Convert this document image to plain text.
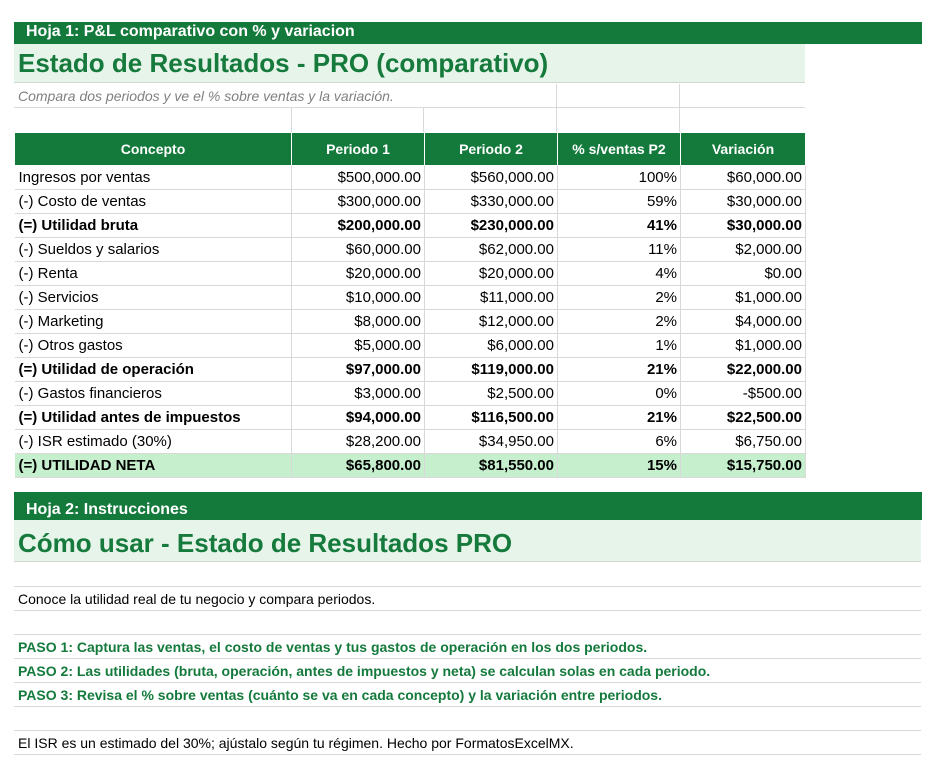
Hoja 1: P&L comparativo con % y variacion
Estado de Resultados - PRO (comparativo)
Compara dos periodos y ve el % sobre ventas y la variación.
Concepto	Periodo 1	Periodo 2	% s/ventas P2	Variación
Ingresos por ventas	$500,000.00	$560,000.00	100%	$60,000.00
(-) Costo de ventas	$300,000.00	$330,000.00	59%	$30,000.00
(=) Utilidad bruta	$200,000.00	$230,000.00	41%	$30,000.00
(-) Sueldos y salarios	$60,000.00	$62,000.00	11%	$2,000.00
(-) Renta	$20,000.00	$20,000.00	4%	$0.00
(-) Servicios	$10,000.00	$11,000.00	2%	$1,000.00
(-) Marketing	$8,000.00	$12,000.00	2%	$4,000.00
(-) Otros gastos	$5,000.00	$6,000.00	1%	$1,000.00
(=) Utilidad de operación	$97,000.00	$119,000.00	21%	$22,000.00
(-) Gastos financieros	$3,000.00	$2,500.00	0%	-$500.00
(=) Utilidad antes de impuestos	$94,000.00	$116,500.00	21%	$22,500.00
(-) ISR estimado (30%)	$28,200.00	$34,950.00	6%	$6,750.00
(=) UTILIDAD NETA	$65,800.00	$81,550.00	15%	$15,750.00
Hoja 2: Instrucciones
Cómo usar - Estado de Resultados PRO
Conoce la utilidad real de tu negocio y compara periodos.
PASO 1: Captura las ventas, el costo de ventas y tus gastos de operación en los dos periodos.
PASO 2: Las utilidades (bruta, operación, antes de impuestos y neta) se calculan solas en cada periodo.
PASO 3: Revisa el % sobre ventas (cuánto se va en cada concepto) y la variación entre periodos.
El ISR es un estimado del 30%; ajústalo según tu régimen. Hecho por FormatosExcelMX.
